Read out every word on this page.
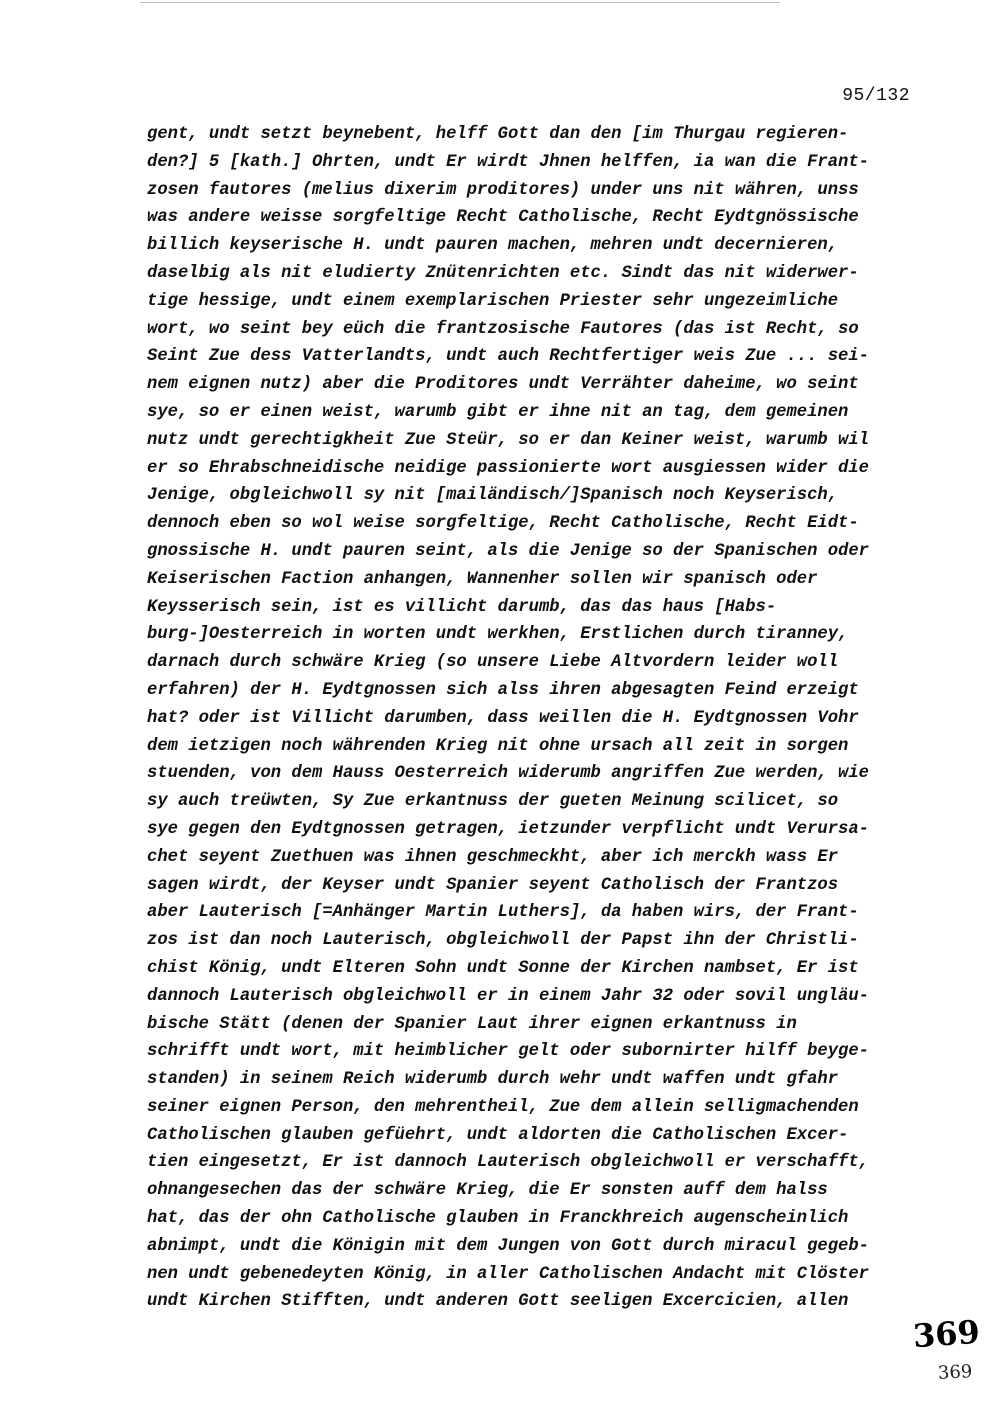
95/132
gent, undt setzt beynebent, helff Gott dan den [im Thurgau regieren-
den?] 5 [kath.] Ohrten, undt Er wirdt Jhnen helffen, ia wan die Frant-
zosen fautores (melius dixerim proditores) under uns nit währen, unss
was andere weisse sorgfeltige Recht Catholische, Recht Eydtgnössische
billich keyserische H. undt pauren machen, mehren undt decernieren,
daselbig als nit eludierty Znütenrichten etc. Sindt das nit widerwer-
tige hessige, undt einem exemplarischen Priester sehr ungezeimliche
wort, wo seint bey eüch die frantzosische Fautores (das ist Recht, so
Seint Zue dess Vatterlandts, undt auch Rechtfertiger weis Zue ... sei-
nem eignen nutz) aber die Proditores undt Verrähter daheime, wo seint
sye, so er einen weist, warumb gibt er ihne nit an tag, dem gemeinen
nutz undt gerechtigkheit Zue Steür, so er dan Keiner weist, warumb wil
er so Ehrabschneidische neidige passionierte wort ausgiessen wider die
Jenige, obgleichwoll sy nit [mailändisch/]Spanisch noch Keyserisch,
dennoch eben so wol weise sorgfeltige, Recht Catholische, Recht Eidt-
gnossische H. undt pauren seint, als die Jenige so der Spanischen oder
Keiserischen Faction anhangen, Wannenher sollen wir spanisch oder
Keysserisch sein, ist es villicht darumb, das das haus [Habs-
burg-]Oesterreich in worten undt werkhen, Erstlichen durch tiranney,
darnach durch schwäre Krieg (so unsere Liebe Altvordern leider woll
erfahren) der H. Eydtgnossen sich alss ihren abgesagten Feind erzeigt
hat? oder ist Villicht darumben, dass weillen die H. Eydtgnossen Vohr
dem ietzigen noch währenden Krieg nit ohne ursach all zeit in sorgen
stuenden, von dem Hauss Oesterreich widerumb angriffen Zue werden, wie
sy auch treüwten, Sy Zue erkantnuss der gueten Meinung scilicet, so
sye gegen den Eydtgnossen getragen, ietzunder verpflicht undt Verursa-
chet seyent Zuethuen was ihnen geschmeckht, aber ich merckh wass Er
sagen wirdt, der Keyser undt Spanier seyent Catholisch der Frantzos
aber Lauterisch [=Anhänger Martin Luthers], da haben wirs, der Frant-
zos ist dan noch Lauterisch, obgleichwoll der Papst ihn der Christli-
chist König, undt Elteren Sohn undt Sonne der Kirchen nambset, Er ist
dannoch Lauterisch obgleichwoll er in einem Jahr 32 oder sovil ungläu-
bische Stätt (denen der Spanier Laut ihrer eignen erkantnuss in
schrifft undt wort, mit heimblicher gelt oder subornirter hilff beyge-
standen) in seinem Reich widerumb durch wehr undt waffen undt gfahr
seiner eignen Person, den mehrentheil, Zue dem allein selligmachenden
Catholischen glauben gefüehrt, undt aldorten die Catholischen Excer-
tien eingesetzt, Er ist dannoch Lauterisch obgleichwoll er verschafft,
ohnangesechen das der schwäre Krieg, die Er sonsten auff dem halss
hat, das der ohn Catholische glauben in Franckhreich augenscheinlich
abnimpt, undt die Königin mit dem Jungen von Gott durch miracul gegeb-
nen undt gebenedeyten König, in aller Catholischen Andacht mit Clöster
undt Kirchen Stifften, undt anderen Gott seeligen Excercicien, allen
369
369
